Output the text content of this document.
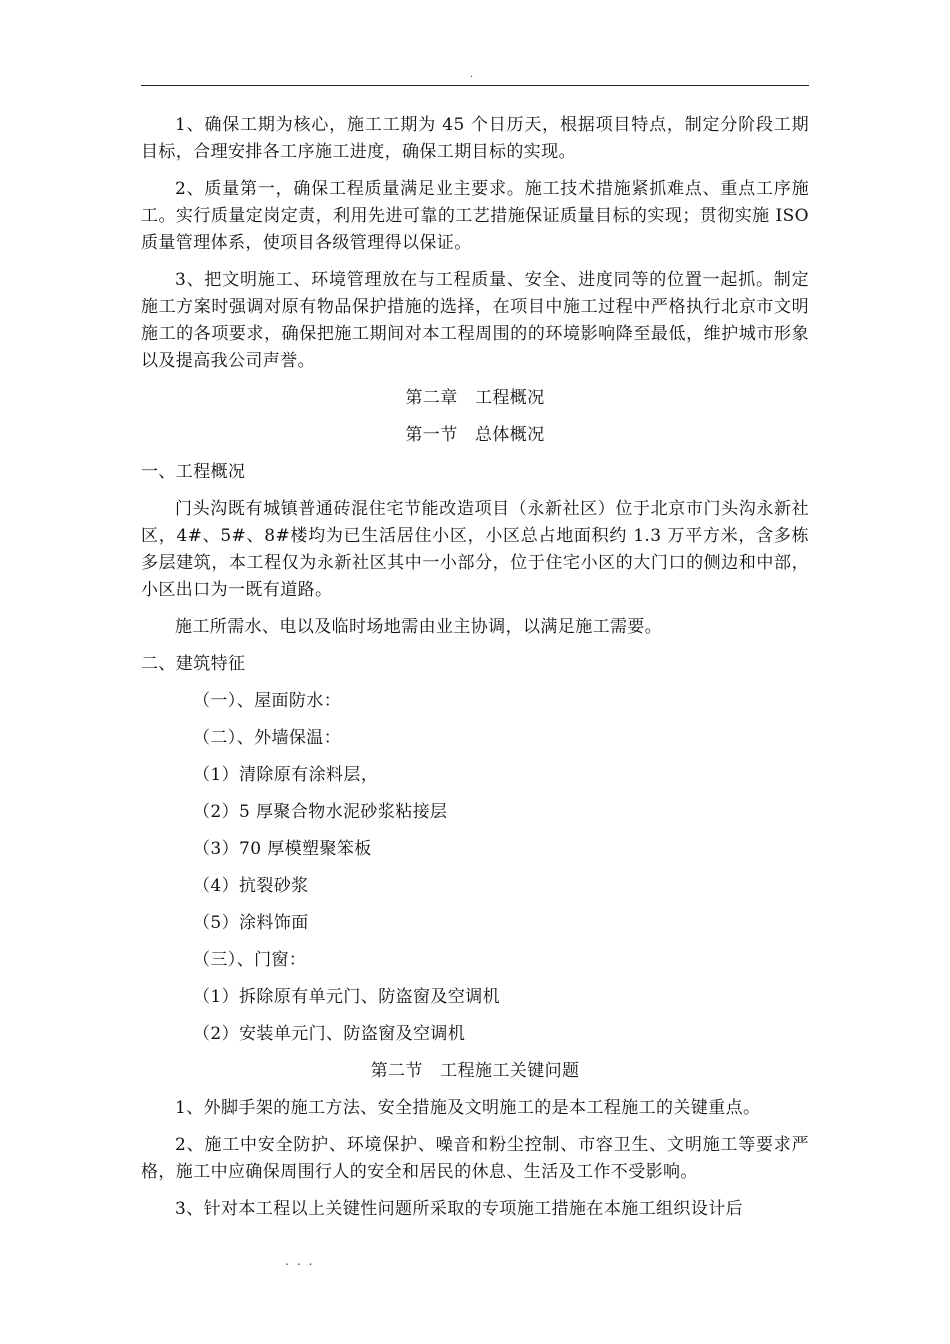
.

1、确保工期为核心，施工工期为 45 个日历天，根据项目特点，制定分阶段工期目标，合理安排各工序施工进度，确保工期目标的实现。

2、质量第一，确保工程质量满足业主要求。施工技术措施紧抓难点、重点工序施工。实行质量定岗定责，利用先进可靠的工艺措施保证质量目标的实现；贯彻实施 ISO 质量管理体系，使项目各级管理得以保证。

3、把文明施工、环境管理放在与工程质量、安全、进度同等的位置一起抓。制定施工方案时强调对原有物品保护措施的选择，在项目中施工过程中严格执行北京市文明施工的各项要求，确保把施工期间对本工程周围的的环境影响降至最低，维护城市形象以及提高我公司声誉。

第二章　工程概况

第一节　总体概况

一、工程概况

门头沟既有城镇普通砖混住宅节能改造项目（永新社区）位于北京市门头沟永新社区，4#、5#、8#楼均为已生活居住小区，小区总占地面积约 1.3 万平方米，含多栋多层建筑，本工程仅为永新社区其中一小部分，位于住宅小区的大门口的侧边和中部，小区出口为一既有道路。

施工所需水、电以及临时场地需由业主协调，以满足施工需要。

二、建筑特征

（一）、屋面防水：

（二）、外墙保温：

（1）清除原有涂料层，

（2）5 厚聚合物水泥砂浆粘接层

（3）70 厚模塑聚笨板

（4）抗裂砂浆

（5）涂料饰面

（三）、门窗：

（1）拆除原有单元门、防盗窗及空调机

（2）安装单元门、防盗窗及空调机

第二节　工程施工关键问题

1、外脚手架的施工方法、安全措施及文明施工的是本工程施工的关键重点。

2、施工中安全防护、环境保护、噪音和粉尘控制、市容卫生、文明施工等要求严格，施工中应确保周围行人的安全和居民的休息、生活及工作不受影响。

3、针对本工程以上关键性问题所采取的专项施工措施在本施工组织设计后

...
